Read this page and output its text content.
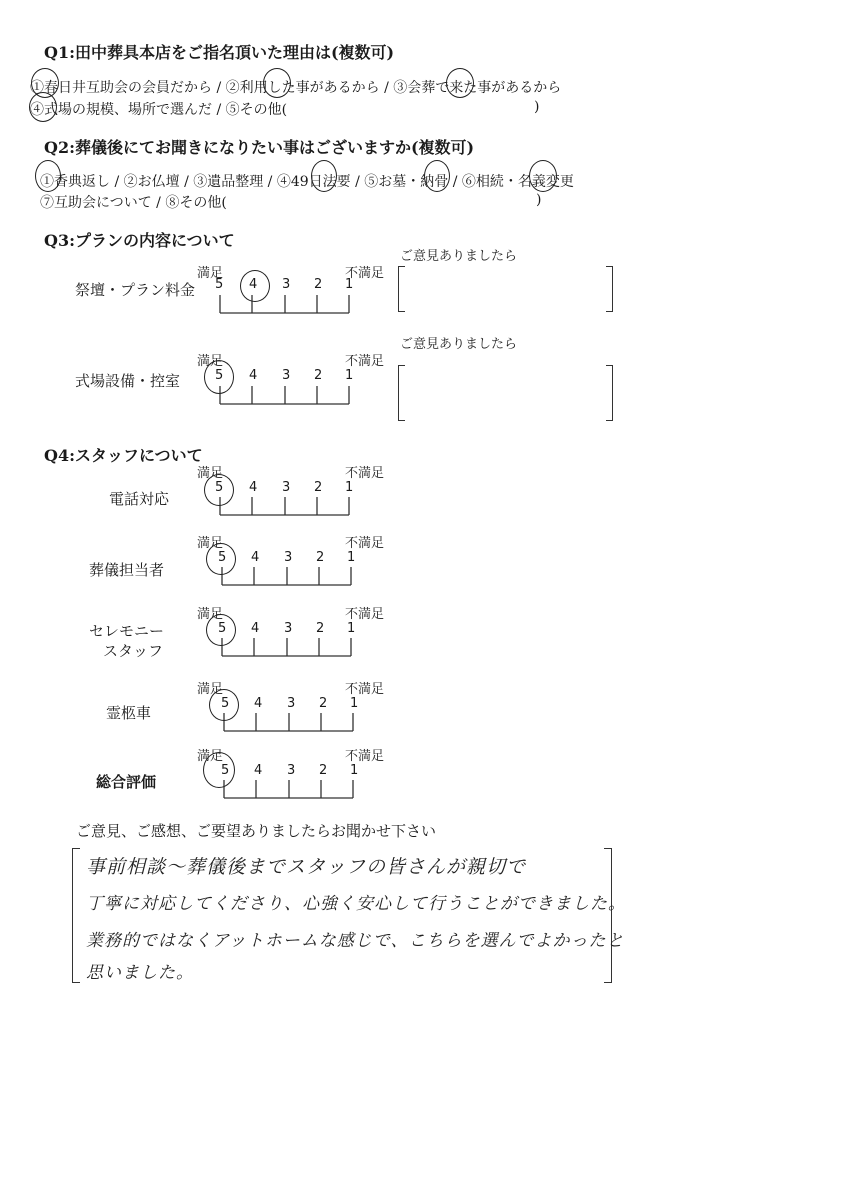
Q1:田中葬具本店をご指名頂いた理由は(複数可)
①春日井互助会の会員だから / ②利用した事があるから / ③会葬で来た事があるから
④式場の規模、場所で選んだ / ⑤その他(	)
Q2:葬儀後にてお聞きになりたい事はございますか(複数可)
①香典返し / ②お仏壇 / ③遺品整理 / ④49日法要 / ⑤お墓・納骨 / ⑥相続・名義変更
⑦互助会について / ⑧その他(	)
Q3:プランの内容について
ご意見ありましたら
祭壇・プラン料金
満足	不満足
5 4 3 2 1
ご意見ありましたら
式場設備・控室
満足	不満足
5 4 3 2 1
Q4:スタッフについて
電話対応
満足	不満足
5 4 3 2 1
葬儀担当者
満足	不満足
5 4 3 2 1
セレモニー
スタッフ
満足	不満足
5 4 3 2 1
霊柩車
満足	不満足
5 4 3 2 1
総合評価
満足	不満足
5 4 3 2 1
ご意見、ご感想、ご要望ありましたらお聞かせ下さい
事前相談〜葬儀後までスタッフの皆さんが親切で
丁寧に対応してくださり、心強く安心して行うことができました。
業務的ではなくアットホームな感じで、こちらを選んでよかったと
思いました。
